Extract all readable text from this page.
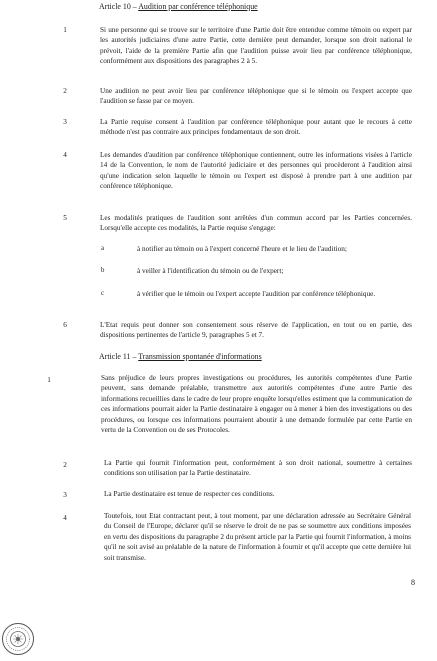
Article 10 – Audition par conférence téléphonique
1	Si une personne qui se trouve sur le territoire d'une Partie doit être entendue comme témoin ou expert par les autorités judiciaires d'une autre Partie, cette dernière peut demander, lorsque son droit national le prévoit, l'aide de la première Partie afin que l'audition puisse avoir lieu par conférence téléphonique, conformément aux dispositions des paragraphes 2 à 5.
2	Une audition ne peut avoir lieu par conférence téléphonique que si le témoin ou l'expert accepte que l'audition se fasse par ce moyen.
3	La Partie requise consent à l'audition par conférence téléphonique pour autant que le recours à cette méthode n'est pas contraire aux principes fondamentaux de son droit.
4	Les demandes d'audition par conférence téléphonique contiennent, outre les informations visées à l'article 14 de la Convention, le nom de l'autorité judiciaire et des personnes qui procèderont à l'audition ainsi qu'une indication selon laquelle le témoin ou l'expert est disposé à prendre part à une audition par conférence téléphonique.
5	Les modalités pratiques de l'audition sont arrêtées d'un commun accord par les Parties concernées. Lorsqu'elle accepte ces modalités, la Partie requise s'engage:
a	à notifier au témoin ou à l'expert concerné l'heure et le lieu de l'audition;
b	à veiller à l'identification du témoin ou de l'expert;
c	à vérifier que le témoin ou l'expert accepte l'audition par conférence téléphonique.
6	L'Etat requis peut donner son consentement sous réserve de l'application, en tout ou en partie, des dispositions pertinentes de l'article 9, paragraphes 5 et 7.
Article 11 – Transmission spontanée d'informations
1	Sans préjudice de leurs propres investigations ou procédures, les autorités compétentes d'une Partie peuvent, sans demande préalable, transmettre aux autorités compétentes d'une autre Partie des informations recueillies dans le cadre de leur propre enquête lorsqu'elles estiment que la communication de ces informations pourrait aider la Partie destinataire à engager ou à mener à bien des investigations ou des procédures, ou lorsque ces informations pourraient aboutir à une demande formulée par cette Partie en vertu de la Convention ou de ses Protocoles.
2	La Partie qui fournit l'information peut, conformément à son droit national, soumettre à certaines conditions son utilisation par la Partie destinataire.
3	La Partie destinataire est tenue de respecter ces conditions.
4	Toutefois, tout Etat contractant peut, à tout moment, par une déclaration adressée au Secrétaire Général du Conseil de l'Europe, déclarer qu'il se réserve le droit de ne pas se soumettre aux conditions imposées en vertu des dispositions du paragraphe 2 du présent article par la Partie qui fournit l'information, à moins qu'il ne soit avisé au préalable de la nature de l'information à fournir et qu'il accepte que cette dernière lui soit transmise.
8
